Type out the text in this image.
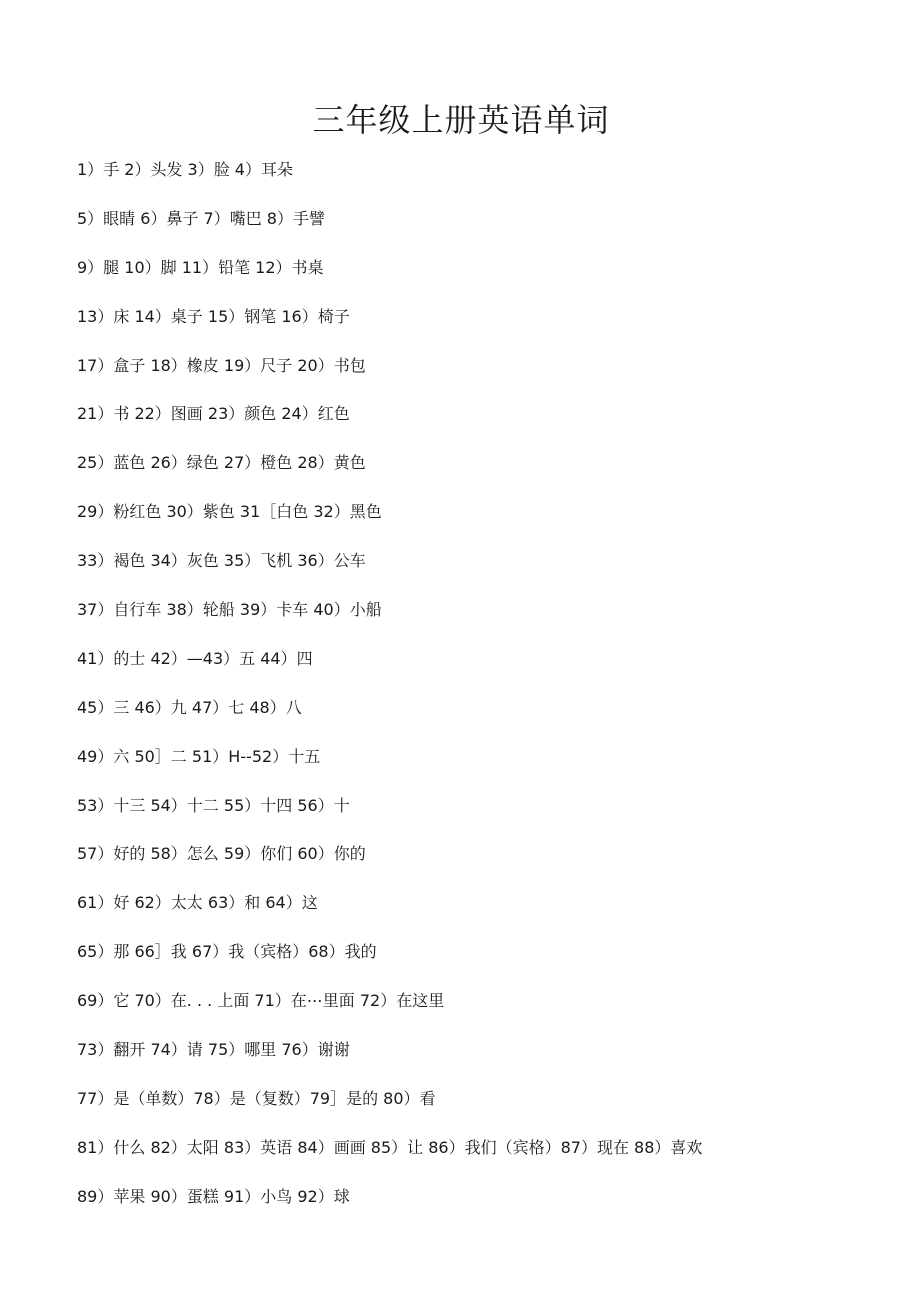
三年级上册英语单词
1）手 2）头发 3）脸 4）耳朵
5）眼睛 6）鼻子 7）嘴巴 8）手譬
9）腿 10）脚 11）铅笔 12）书桌
13）床 14）桌子 15）钢笔 16）椅子
17）盒子 18）橡皮 19）尺子 20）书包
21）书 22）图画 23）颜色 24）红色
25）蓝色 26）绿色 27）橙色 28）黄色
29）粉红色 30）紫色 31［白色 32）黑色
33）褐色 34）灰色 35）飞机 36）公车
37）自行车 38）轮船 39）卡车 40）小船
41）的士 42）—43）五 44）四
45）三 46）九 47）七 48）八
49）六 50］二 51）H--52）十五
53）十三 54）十二 55）十四 56）十
57）好的 58）怎么 59）你们 60）你的
61）好 62）太太 63）和 64）这
65）那 66］我 67）我（宾格）68）我的
69）它 70）在. . . 上面 71）在⋯里面 72）在这里
73）翻开 74）请 75）哪里 76）谢谢
77）是（单数）78）是（复数）79］是的 80）看
81）什么 82）太阳 83）英语 84）画画 85）让 86）我们（宾格）87）现在 88）喜欢
89）苹果 90）蛋糕 91）小鸟 92）球
